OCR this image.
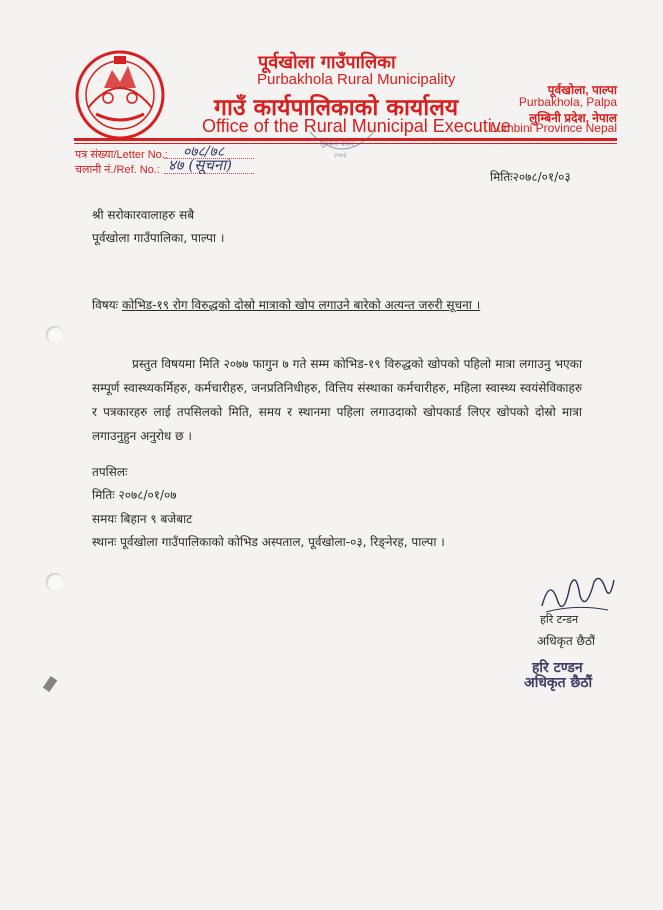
पूर्वखोला गाउँपालिका
Purbakhola Rural Municipality
गाउँ कार्यपालिकाको कार्यालय
Office of the Rural Municipal Executive
पूर्वखोला, पाल्पा
Purbakhola, Palpa
लुम्बिनी प्रदेश, नेपाल
Lumbini Province Nepal
लुम्बिनी प्रदेश,
२०७३
पत्र संख्या/Letter No.: ०७८/७८
चलानी नं./Ref. No.: ४७ (सूचना)
मितिः२०७८/०१/०३
श्री सरोकारवालाहरु सबै
पूर्वखोला गाउँपालिका, पाल्पा ।
विषयः कोभिड-१९ रोग विरुद्धको दोस्रो मात्राको खोप लगाउने बारेको अत्यन्त जरुरी सूचना ।
प्रस्तुत विषयमा मिति २०७७ फागुन ७ गते सम्म कोभिड-१९ विरुद्धको खोपको पहिलो मात्रा लगाउनु भएका सम्पूर्ण स्वास्थ्यकर्मिहरु, कर्मचारीहरु, जनप्रतिनिधीहरु, वित्तिय संस्थाका कर्मचारीहरु, महिला स्वास्थ्य स्वयंसेविकाहरु र पत्रकारहरु लाई तपसिलको मिति, समय र स्थानमा पहिला लगाउदाको खोपकार्ड लिएर खोपको दोस्रो मात्रा लगाउनुहुन अनुरोध छ ।
तपसिलः
मितिः २०७८/०१/०७
समयः बिहान ९ बजेबाट
स्थानः पूर्वखोला गाउँपालिकाको कोभिड अस्पताल, पूर्वखोला-०३, रिङ्नेरह, पाल्पा ।
हरि टन्डन
अधिकृत छैठौं
हरि टण्डन
अधिकृत छैठौं
